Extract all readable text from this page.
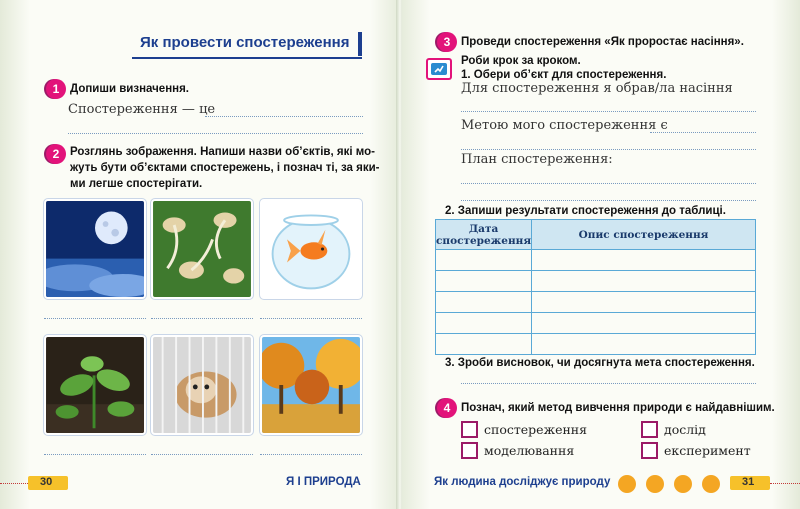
Як провести спостереження
1 Допиши визначення.
Спостереження — це
2 Розглянь зображення. Напиши назви об’єктів, які мо-
жуть бути об’єктами спостережень, і познач ті, за яки-
ми легше спостерігати.
30	Я І ПРИРОДА
3 Проведи спостереження «Як проростає насіння».
Роби крок за кроком.
1. Обери об’єкт для спостереження.
Для спостереження я обрав/ла насіння
Метою мого спостереження є
План спостереження:
2. Запиши результати спостереження до таблиці.
Дата спостереження	Опис спостереження

3. Зроби висновок, чи досягнута мета спостереження.
4 Познач, який метод вивчення природи є найдавнішим.
спостереження	дослід
моделювання	експеримент
Як людина досліджує природу	31
